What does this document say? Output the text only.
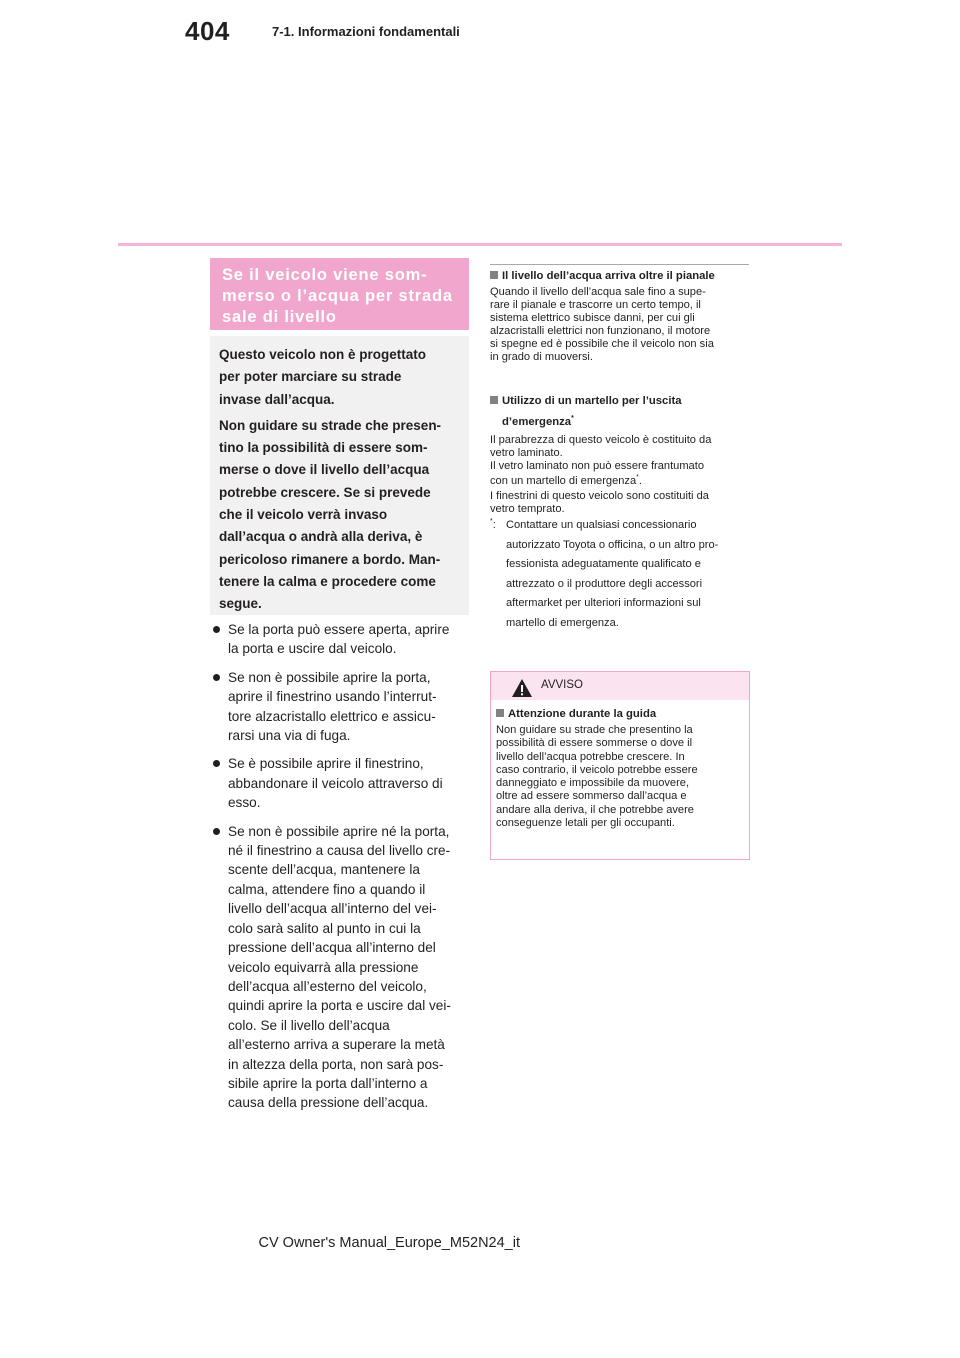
404	7-1. Informazioni fondamentali
Se il veicolo viene som-
merso o l’acqua per strada
sale di livello

Questo veicolo non è progettato
per poter marciare su strade
invase dall’acqua.

Non guidare su strade che presen-
tino la possibilità di essere som-
merse o dove il livello dell’acqua
potrebbe crescere. Se si prevede
che il veicolo verrà invaso
dall’acqua o andrà alla deriva, è
pericoloso rimanere a bordo. Man-
tenere la calma e procedere come
segue.

Se la porta può essere aperta, aprire
la porta e uscire dal veicolo.
Se non è possibile aprire la porta,
aprire il finestrino usando l’interrut-
tore alzacristallo elettrico e assicu-
rarsi una via di fuga.
Se è possibile aprire il finestrino,
abbandonare il veicolo attraverso di
esso.
Se non è possibile aprire né la porta,
né il finestrino a causa del livello cre-
scente dell’acqua, mantenere la
calma, attendere fino a quando il
livello dell’acqua all’interno del vei-
colo sarà salito al punto in cui la
pressione dell’acqua all’interno del
veicolo equivarrà alla pressione
dell’acqua all’esterno del veicolo,
quindi aprire la porta e uscire dal vei-
colo. Se il livello dell’acqua
all’esterno arriva a superare la metà
in altezza della porta, non sarà pos-
sibile aprire la porta dall’interno a
causa della pressione dell’acqua.
Il livello dell’acqua arriva oltre il pianale
Quando il livello dell’acqua sale fino a supe-
rare il pianale e trascorre un certo tempo, il
sistema elettrico subisce danni, per cui gli
alzacristalli elettrici non funzionano, il motore
si spegne ed è possibile che il veicolo non sia
in grado di muoversi.
Utilizzo di un martello per l’uscita
d’emergenza*
Il parabrezza di questo veicolo è costituito da
vetro laminato.
Il vetro laminato non può essere frantumato
con un martello di emergenza*.
I finestrini di questo veicolo sono costituiti da
vetro temprato.
*: Contattare un qualsiasi concessionario
autorizzato Toyota o officina, o un altro pro-
fessionista adeguatamente qualificato e
attrezzato o il produttore degli accessori
aftermarket per ulteriori informazioni sul
martello di emergenza.
AVVISO
Attenzione durante la guida
Non guidare su strade che presentino la
possibilità di essere sommerse o dove il
livello dell’acqua potrebbe crescere. In
caso contrario, il veicolo potrebbe essere
danneggiato e impossibile da muovere,
oltre ad essere sommerso dall’acqua e
andare alla deriva, il che potrebbe avere
conseguenze letali per gli occupanti.
CV Owner's Manual_Europe_M52N24_it
